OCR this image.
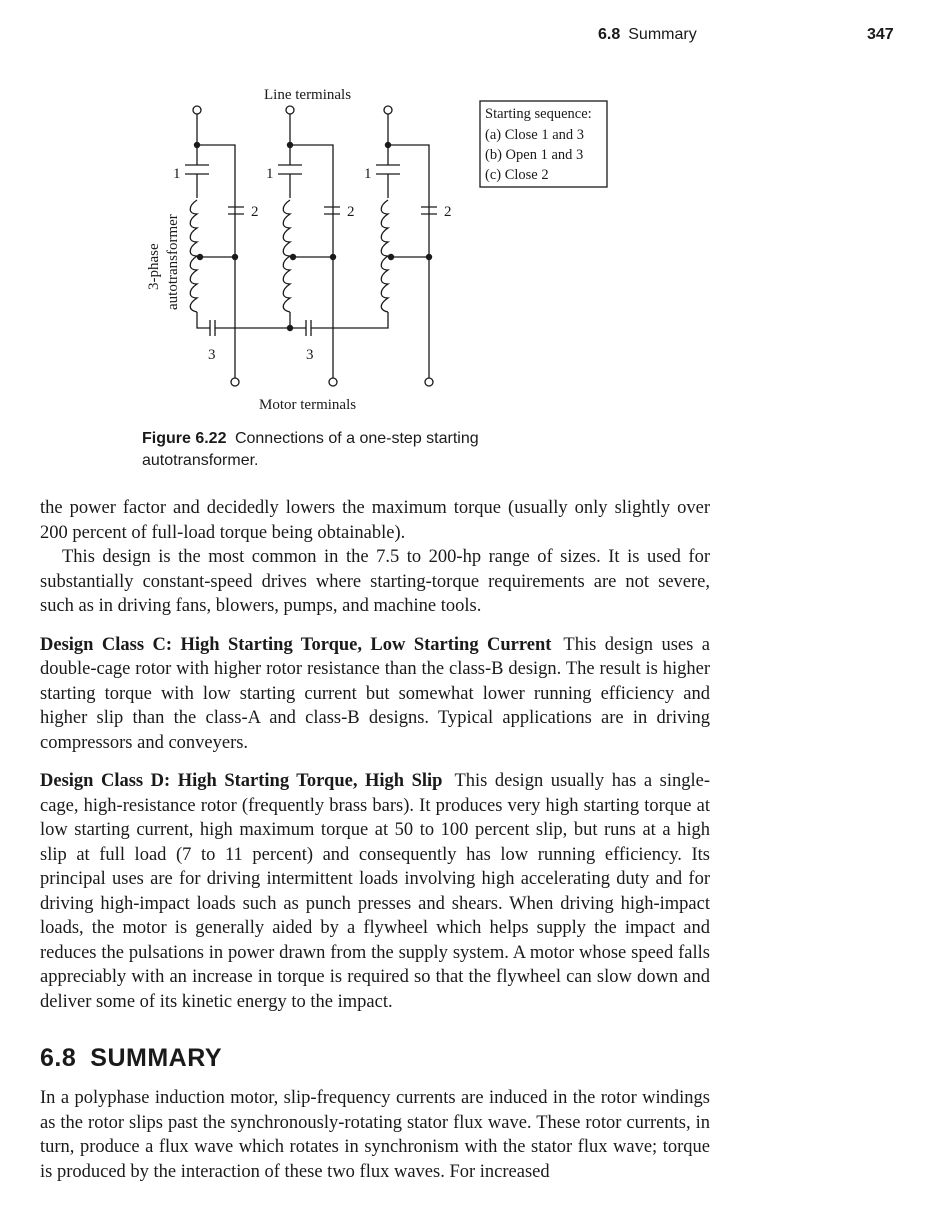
6.8 Summary	347
Line terminals
Motor terminals
1	1	1
2	2	2
3	3
3-phase autotransformer
Starting sequence:
(a) Close 1 and 3
(b) Open 1 and 3
(c) Close 2
Figure 6.22 Connections of a one-step starting autotransformer.

the power factor and decidedly lowers the maximum torque (usually only slightly over 200 percent of full-load torque being obtainable).

This design is the most common in the 7.5 to 200-hp range of sizes. It is used for substantially constant-speed drives where starting-torque requirements are not severe, such as in driving fans, blowers, pumps, and machine tools.

Design Class C: High Starting Torque, Low Starting Current This design uses a double-cage rotor with higher rotor resistance than the class-B design. The result is higher starting torque with low starting current but somewhat lower running efficiency and higher slip than the class-A and class-B designs. Typical applications are in driving compressors and conveyers.

Design Class D: High Starting Torque, High Slip This design usually has a single-cage, high-resistance rotor (frequently brass bars). It produces very high starting torque at low starting current, high maximum torque at 50 to 100 percent slip, but runs at a high slip at full load (7 to 11 percent) and consequently has low running efficiency. Its principal uses are for driving intermittent loads involving high accelerating duty and for driving high-impact loads such as punch presses and shears. When driving high-impact loads, the motor is generally aided by a flywheel which helps supply the impact and reduces the pulsations in power drawn from the supply system. A motor whose speed falls appreciably with an increase in torque is required so that the flywheel can slow down and deliver some of its kinetic energy to the impact.

6.8 SUMMARY

In a polyphase induction motor, slip-frequency currents are induced in the rotor windings as the rotor slips past the synchronously-rotating stator flux wave. These rotor currents, in turn, produce a flux wave which rotates in synchronism with the stator flux wave; torque is produced by the interaction of these two flux waves. For increased
